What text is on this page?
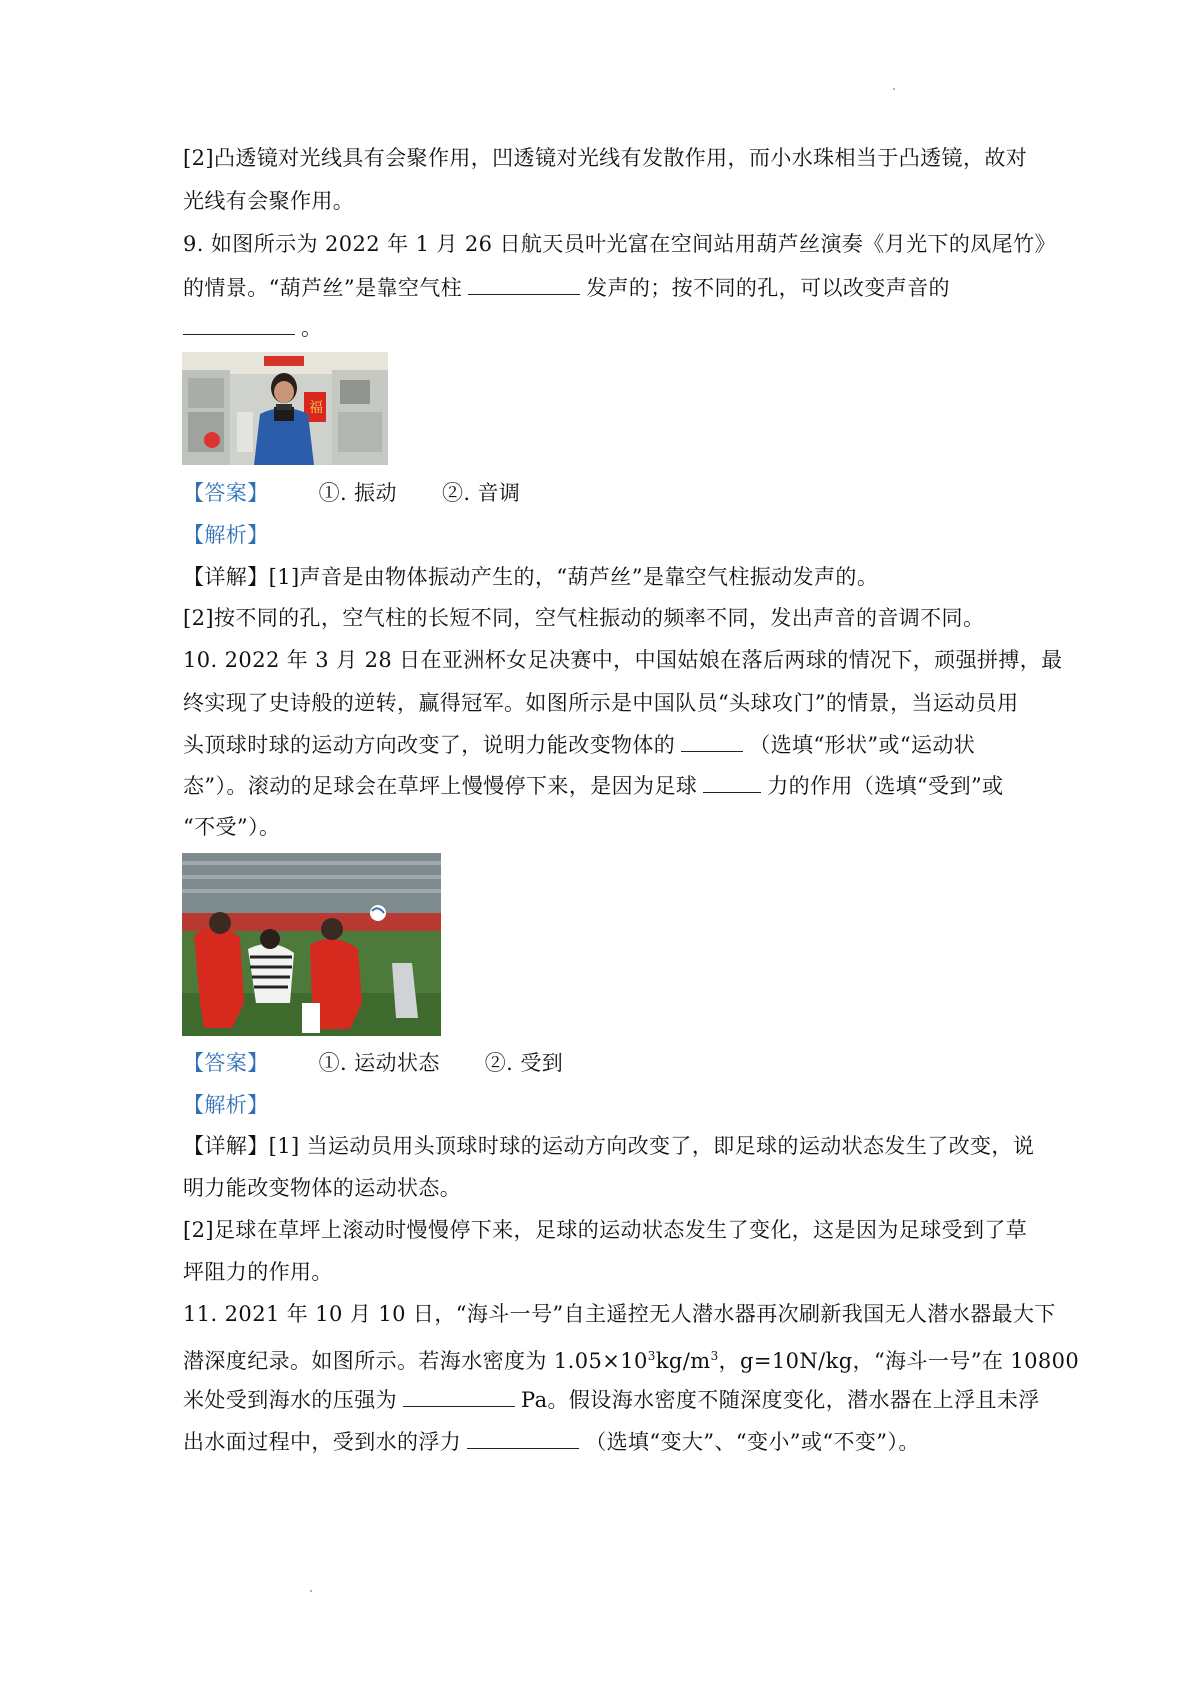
[2]凸透镜对光线具有会聚作用，凹透镜对光线有发散作用，而小水珠相当于凸透镜，故对
光线有会聚作用。
9. 如图所示为 2022 年 1 月 26 日航天员叶光富在空间站用葫芦丝演奏《月光下的凤尾竹》
的情景。“葫芦丝”是靠空气柱	发声的；按不同的孔，可以改变声音的
。
福
【答案】 ①. 振动 ②. 音调
【解析】
【详解】[1]声音是由物体振动产生的，“葫芦丝”是靠空气柱振动发声的。
[2]按不同的孔，空气柱的长短不同，空气柱振动的频率不同，发出声音的音调不同。
10. 2022 年 3 月 28 日在亚洲杯女足决赛中，中国姑娘在落后两球的情况下，顽强拼搏，最
终实现了史诗般的逆转，赢得冠军。如图所示是中国队员“头球攻门”的情景，当运动员用
头顶球时球的运动方向改变了，说明力能改变物体的	（选填“形状”或“运动状
态”）。滚动的足球会在草坪上慢慢停下来，是因为足球	力的作用（选填“受到”或
“不受”）。
【答案】 ①. 运动状态 ②. 受到
【解析】
【详解】[1] 当运动员用头顶球时球的运动方向改变了，即足球的运动状态发生了改变，说
明力能改变物体的运动状态。
[2]足球在草坪上滚动时慢慢停下来，足球的运动状态发生了变化，这是因为足球受到了草
坪阻力的作用。
11. 2021 年 10 月 10 日，“海斗一号”自主遥控无人潜水器再次刷新我国无人潜水器最大下
潜深度纪录。如图所示。若海水密度为 $1.05\times 10^3kg/m^3$，g=10N/kg，“海斗一号”在 10800
米处受到海水的压强为	Pa。假设海水密度不随深度变化，潜水器在上浮且未浮
出水面过程中，受到水的浮力	（选填“变大”、“变小”或“不变”）。
